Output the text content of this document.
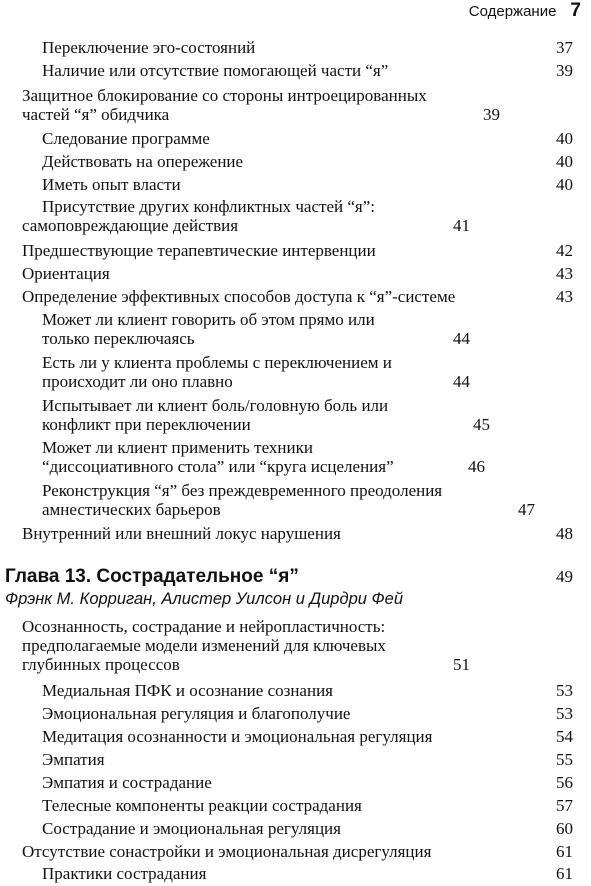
Содержание 7
Переключение эго-состояний	37
Наличие или отсутствие помогающей части “я”	39
Защитное блокирование со стороны интроецированных частей “я” обидчика	39
Следование программе	40
Действовать на опережение	40
Иметь опыт власти	40
Присутствие других конфликтных частей “я”: самоповреждающие действия	41
Предшествующие терапевтические интервенции	42
Ориентация	43
Определение эффективных способов доступа к “я”-системе	43
Может ли клиент говорить об этом прямо или только переключаясь	44
Есть ли у клиента проблемы с переключением и происходит ли оно плавно	44
Испытывает ли клиент боль/головную боль или конфликт при переключении	45
Может ли клиент применить техники “диссоциативного стола” или “круга исцеления”	46
Реконструкция “я” без преждевременного преодоления амнестических барьеров	47
Внутренний или внешний локус нарушения	48
Глава 13. Сострадательное “я”	49
Фрэнк М. Корриган, Алистер Уилсон и Дирдри Фей
Осознанность, сострадание и нейропластичность: предполагаемые модели изменений для ключевых глубинных процессов	51
Медиальная ПФК и осознание сознания	53
Эмоциональная регуляция и благополучие	53
Медитация осознанности и эмоциональная регуляция	54
Эмпатия	55
Эмпатия и сострадание	56
Телесные компоненты реакции сострадания	57
Сострадание и эмоциональная регуляция	60
Отсутствие сонастройки и эмоциональная дисрегуляция	61
Практики сострадания	61
